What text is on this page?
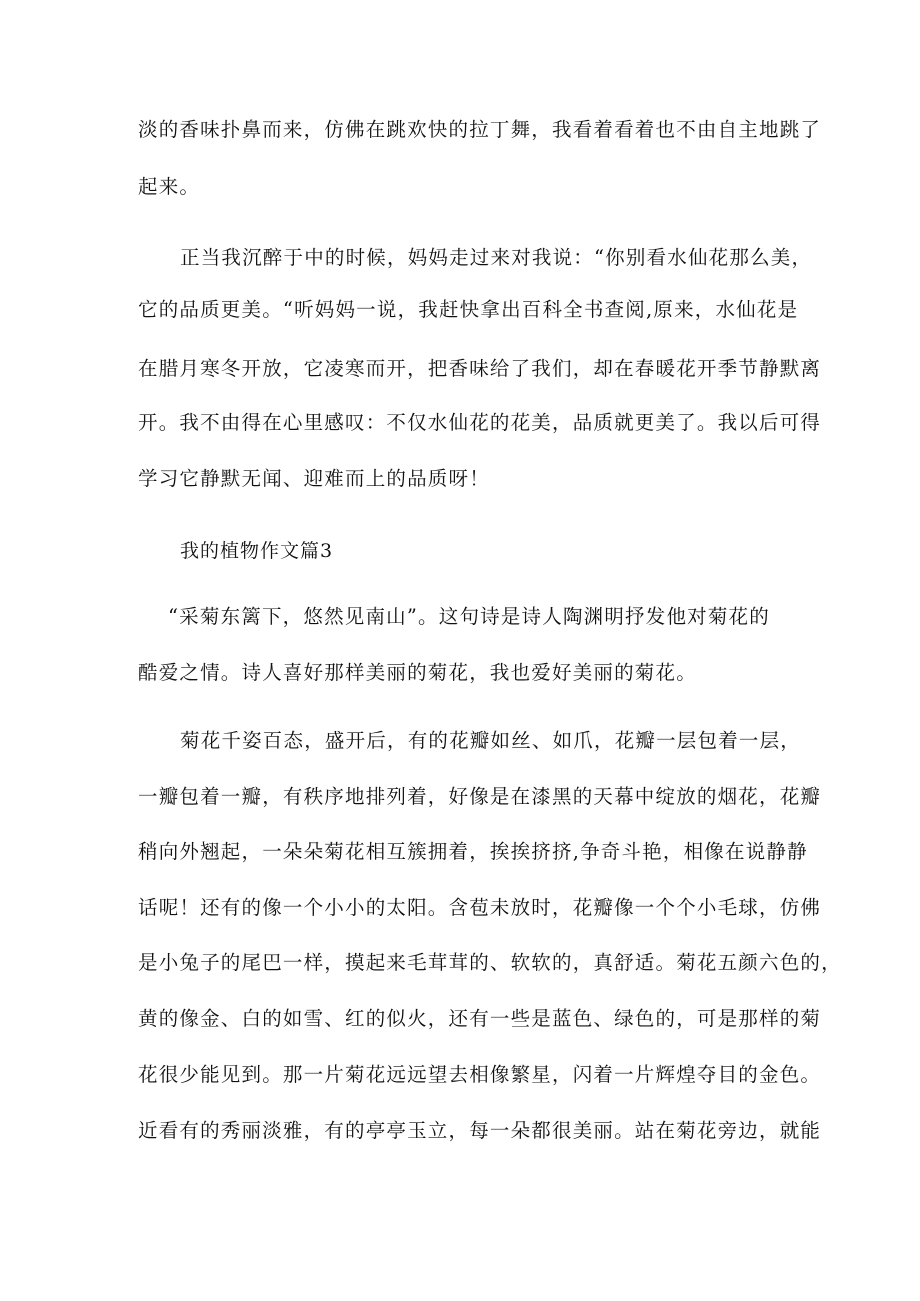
淡的香味扑鼻而来，仿佛在跳欢快的拉丁舞，我看着看着也不由自主地跳了
起来。
正当我沉醉于中的时候，妈妈走过来对我说：“你别看水仙花那么美，
它的品质更美。“听妈妈一说，我赶快拿出百科全书查阅,原来，水仙花是
在腊月寒冬开放，它凌寒而开，把香味给了我们，却在春暖花开季节静默离
开。我不由得在心里感叹：不仅水仙花的花美，品质就更美了。我以后可得
学习它静默无闻、迎难而上的品质呀！
我的植物作文篇3
“采菊东篱下，悠然见南山”。这句诗是诗人陶渊明抒发他对菊花的
酷爱之情。诗人喜好那样美丽的菊花，我也爱好美丽的菊花。
菊花千姿百态，盛开后，有的花瓣如丝、如爪，花瓣一层包着一层，
一瓣包着一瓣，有秩序地排列着，好像是在漆黑的天幕中绽放的烟花，花瓣
稍向外翘起，一朵朵菊花相互簇拥着，挨挨挤挤,争奇斗艳，相像在说静静
话呢！还有的像一个小小的太阳。含苞未放时，花瓣像一个个小毛球，仿佛
是小兔子的尾巴一样，摸起来毛茸茸的、软软的，真舒适。菊花五颜六色的，
黄的像金、白的如雪、红的似火，还有一些是蓝色、绿色的，可是那样的菊
花很少能见到。那一片菊花远远望去相像繁星，闪着一片辉煌夺目的金色。
近看有的秀丽淡雅，有的亭亭玉立，每一朵都很美丽。站在菊花旁边，就能
